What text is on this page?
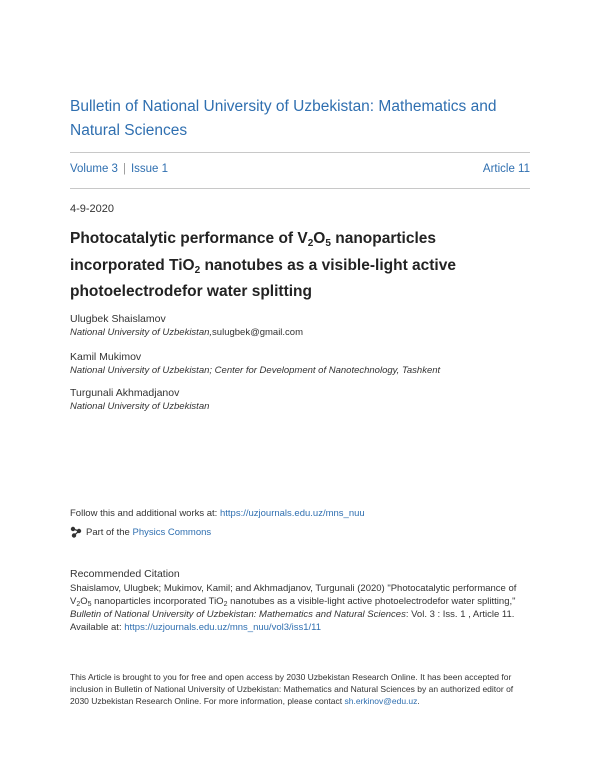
Bulletin of National University of Uzbekistan: Mathematics and Natural Sciences
Volume 3 | Issue 1	Article 11
4-9-2020
Photocatalytic performance of $V_2O_5$ nanoparticles incorporated TiO$_2$ nanotubes as a visible-light active photoelectrodefor water splitting
Ulugbek Shaislamov
National University of Uzbekistan,sulugbek@gmail.com
Kamil Mukimov
National University of Uzbekistan; Center for Development of Nanotechnology, Tashkent
Turgunali Akhmadjanov
National University of Uzbekistan
Follow this and additional works at: https://uzjournals.edu.uz/mns_nuu
Part of the
Physics Commons
Recommended Citation
Shaislamov, Ulugbek; Mukimov, Kamil; and Akhmadjanov, Turgunali (2020) "Photocatalytic performance of $V_2O_5$ nanoparticles incorporated TiO$_2$ nanotubes as a visible-light active photoelectrodefor water splitting," Bulletin of National University of Uzbekistan: Mathematics and Natural Sciences: Vol. 3 : Iss. 1 , Article 11.
Available at: https://uzjournals.edu.uz/mns_nuu/vol3/iss1/11
This Article is brought to you for free and open access by 2030 Uzbekistan Research Online. It has been accepted for inclusion in Bulletin of National University of Uzbekistan: Mathematics and Natural Sciences by an authorized editor of 2030 Uzbekistan Research Online. For more information, please contact sh.erkinov@edu.uz.
